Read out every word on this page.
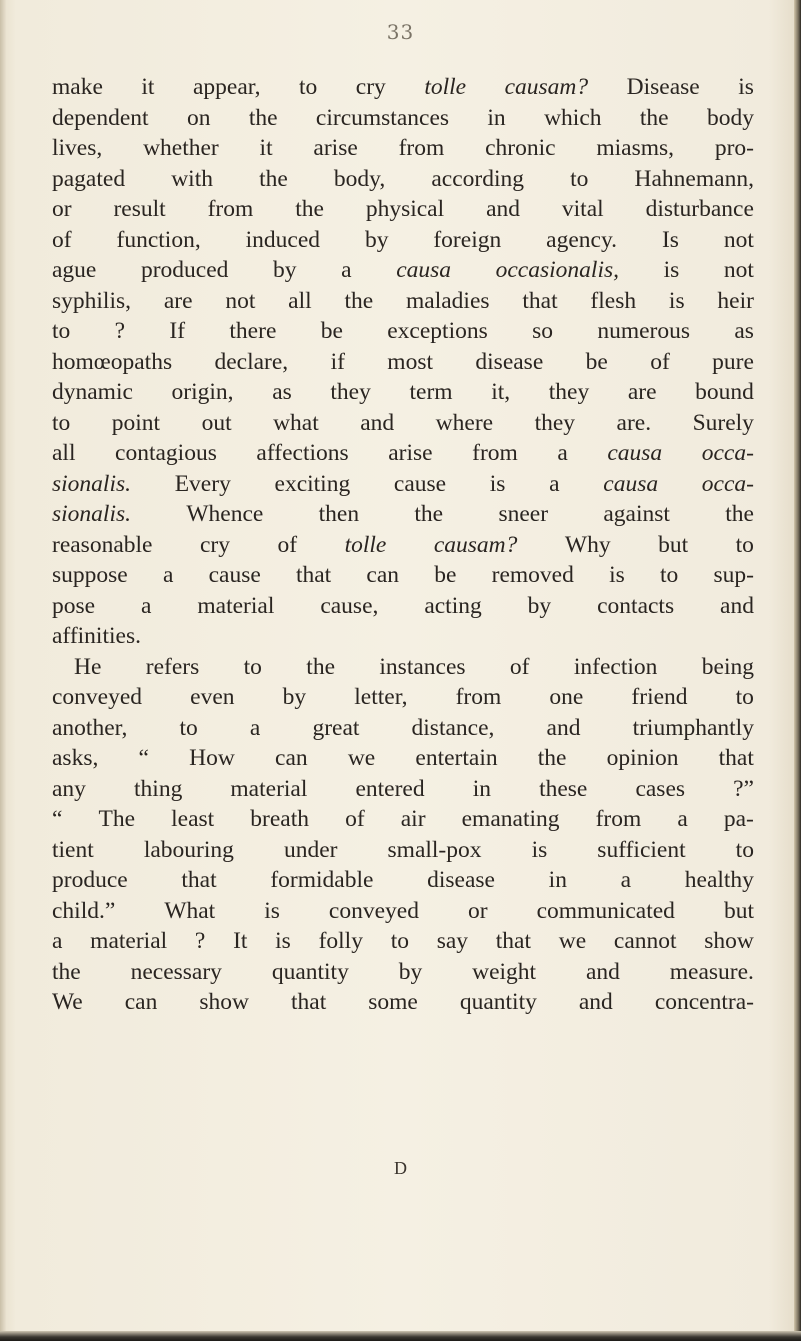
33
make it appear, to cry tolle causam? Disease is
dependent on the circumstances in which the body
lives, whether it arise from chronic miasms, pro-
pagated with the body, according to Hahnemann,
or result from the physical and vital disturbance
of function, induced by foreign agency. Is not
ague produced by a causa occasionalis, is not
syphilis, are not all the maladies that flesh is heir
to ? If there be exceptions so numerous as
homœopaths declare, if most disease be of pure
dynamic origin, as they term it, they are bound
to point out what and where they are. Surely
all contagious affections arise from a causa occa-
sionalis. Every exciting cause is a causa occa-
sionalis. Whence then the sneer against the
reasonable cry of tolle causam? Why but to
suppose a cause that can be removed is to sup-
pose a material cause, acting by contacts and
affinities.
He refers to the instances of infection being
conveyed even by letter, from one friend to
another, to a great distance, and triumphantly
asks, “ How can we entertain the opinion that
any thing material entered in these cases ?”
“ The least breath of air emanating from a pa-
tient labouring under small-pox is sufficient to
produce that formidable disease in a healthy
child.” What is conveyed or communicated but
a material ? It is folly to say that we cannot show
the necessary quantity by weight and measure.
We can show that some quantity and concentra-
D
